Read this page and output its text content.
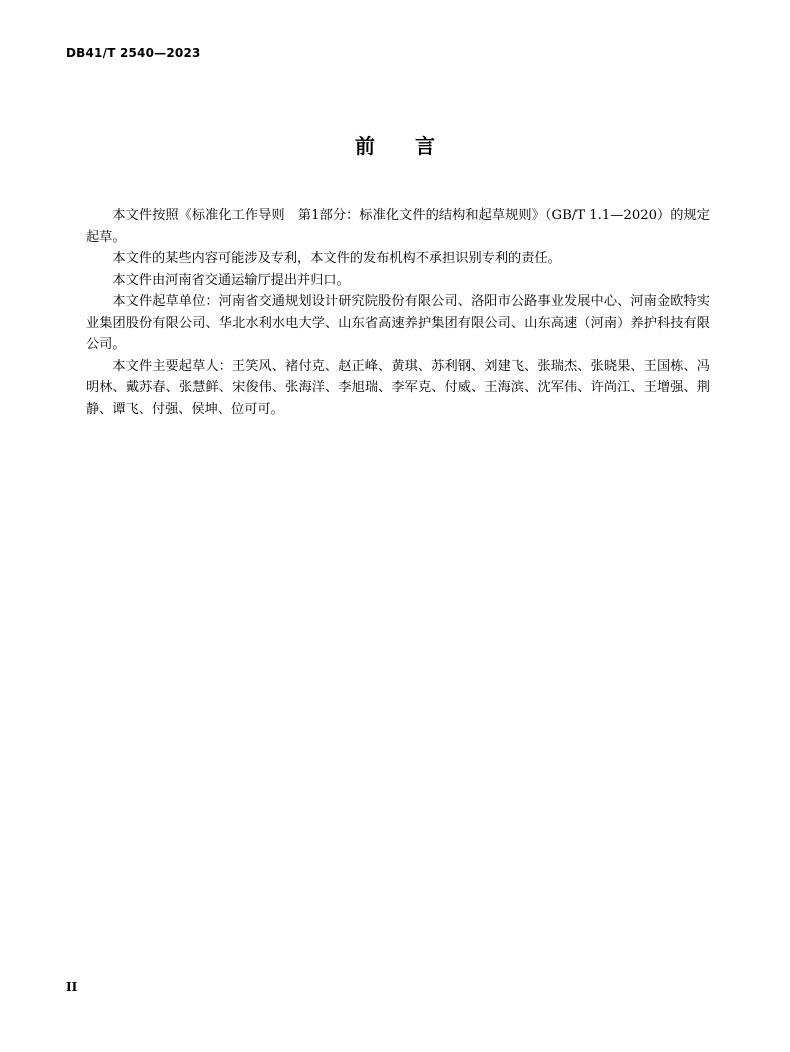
DB41/T 2540—2023

前 言

本文件按照《标准化工作导则　第1部分：标准化文件的结构和起草规则》（GB/T 1.1—2020）的规定起草。

本文件的某些内容可能涉及专利，本文件的发布机构不承担识别专利的责任。

本文件由河南省交通运输厅提出并归口。

本文件起草单位：河南省交通规划设计研究院股份有限公司、洛阳市公路事业发展中心、河南金欧特实业集团股份有限公司、华北水利水电大学、山东省高速养护集团有限公司、山东高速（河南）养护科技有限公司。

本文件主要起草人：王笑风、褚付克、赵正峰、黄琪、苏利钢、刘建飞、张瑞杰、张晓果、王国栋、冯明林、戴苏春、张慧鲜、宋俊伟、张海洋、李旭瑞、李军克、付威、王海滨、沈军伟、许尚江、王增强、荆静、谭飞、付强、侯坤、位可可。

II
